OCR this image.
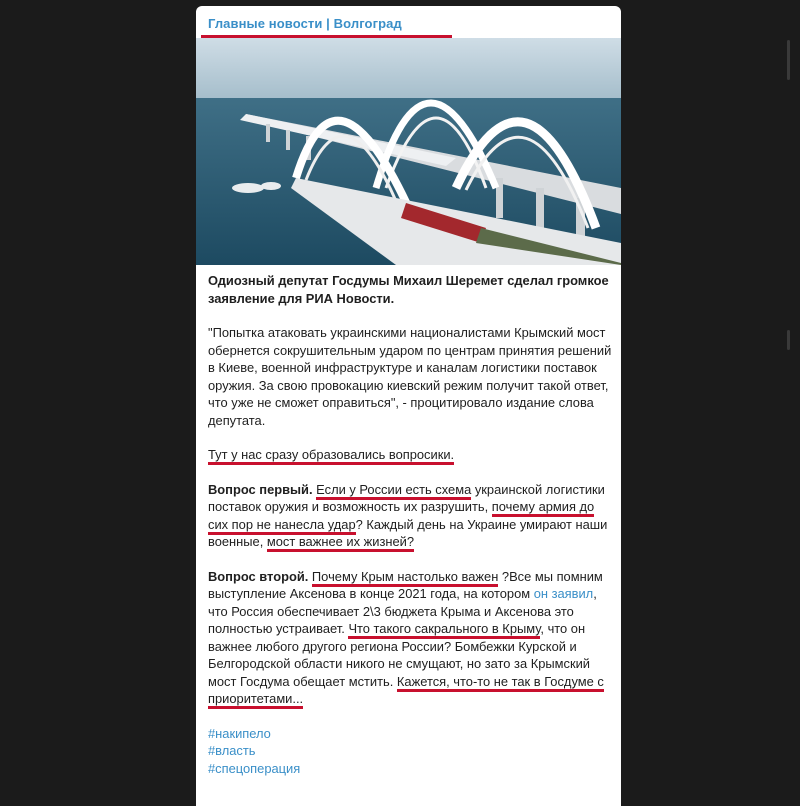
Главные новости | Волгоград

Одиозный депутат Госдумы Михаил Шеремет сделал громкое заявление для РИА Новости.

"Попытка атаковать украинскими националистами Крымский мост обернется сокрушительным ударом по центрам принятия решений в Киеве, военной инфраструктуре и каналам логистики поставок оружия. За свою провокацию киевский режим получит такой ответ, что уже не сможет оправиться", - процитировало издание слова депутата.

Тут у нас сразу образовались вопросики.

Вопрос первый. Если у России есть схема украинской логистики поставок оружия и возможность их разрушить, почему армия до сих пор не нанесла удар? Каждый день на Украине умирают наши военные, мост важнее их жизней?

Вопрос второй. Почему Крым настолько важен ?Все мы помним выступление Аксенова в конце 2021 года, на котором он заявил, что Россия обеспечивает 2\3 бюджета Крыма и Аксенова это полностью устраивает. Что такого сакрального в Крыму, что он важнее любого другого региона России? Бомбежки Курской и Белгородской области никого не смущают, но зато за Крымский мост Госдума обещает мстить. Кажется, что-то не так в Госдуме с приоритетами...

#накипело
#власть
#спецоперация
